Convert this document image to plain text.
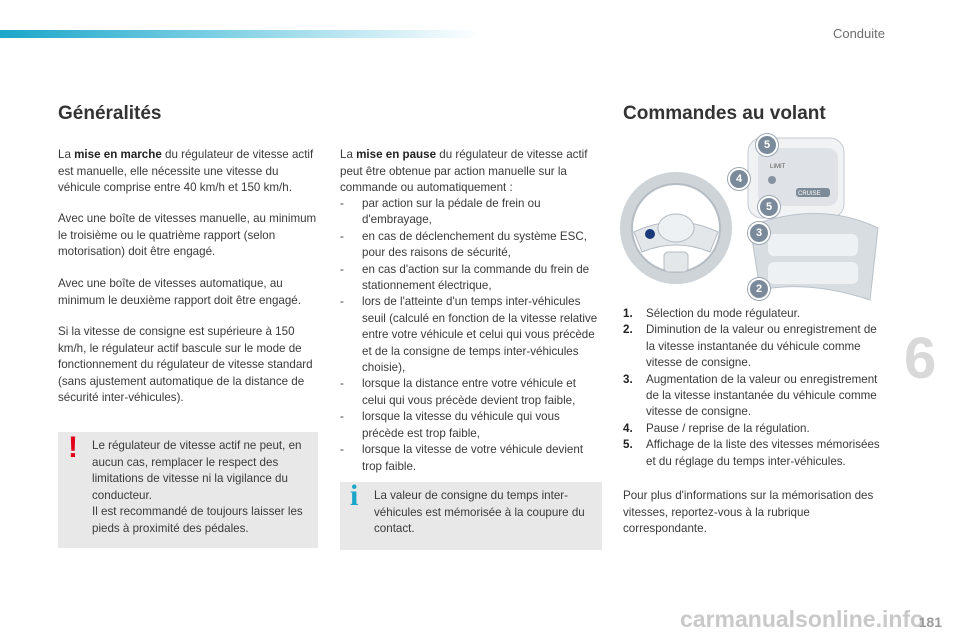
Conduite
6
Généralités

La mise en marche du régulateur de vitesse actif est manuelle, elle nécessite une vitesse du véhicule comprise entre 40 km/h et 150 km/h.

Avec une boîte de vitesses manuelle, au minimum le troisième ou le quatrième rapport (selon motorisation) doit être engagé.

Avec une boîte de vitesses automatique, au minimum le deuxième rapport doit être engagé.

Si la vitesse de consigne est supérieure à 150 km/h, le régulateur actif bascule sur le mode de fonctionnement du régulateur de vitesse standard (sans ajustement automatique de la distance de sécurité inter-véhicules).

! Le régulateur de vitesse actif ne peut, en aucun cas, remplacer le respect des limitations de vitesse ni la vigilance du conducteur.
Il est recommandé de toujours laisser les pieds à proximité des pédales.

La mise en pause du régulateur de vitesse actif peut être obtenue par action manuelle sur la commande ou automatiquement :

- par action sur la pédale de frein ou d'embrayage,
- en cas de déclenchement du système ESC, pour des raisons de sécurité,
- en cas d'action sur la commande du frein de stationnement électrique,
- lors de l'atteinte d'un temps inter-véhicules seuil (calculé en fonction de la vitesse relative entre votre véhicule et celui qui vous précède et de la consigne de temps inter-véhicules choisie),
- lorsque la distance entre votre véhicule et celui qui vous précède devient trop faible,
- lorsque la vitesse du véhicule qui vous précède est trop faible,
- lorsque la vitesse de votre véhicule devient trop faible.
i La valeur de consigne du temps inter-véhicules est mémorisée à la coupure du contact.
Commandes au volant
LIMIT
CRUISE
5
4
5
3
2
1. Sélection du mode régulateur.
2. Diminution de la valeur ou enregistrement de la vitesse instantanée du véhicule comme vitesse de consigne.
3. Augmentation de la valeur ou enregistrement de la vitesse instantanée du véhicule comme vitesse de consigne.
4. Pause / reprise de la régulation.
5. Affichage de la liste des vitesses mémorisées et du réglage du temps inter-véhicules.

Pour plus d'informations sur la mémorisation des vitesses, reportez-vous à la rubrique correspondante.

carmanualsonline.info
181
